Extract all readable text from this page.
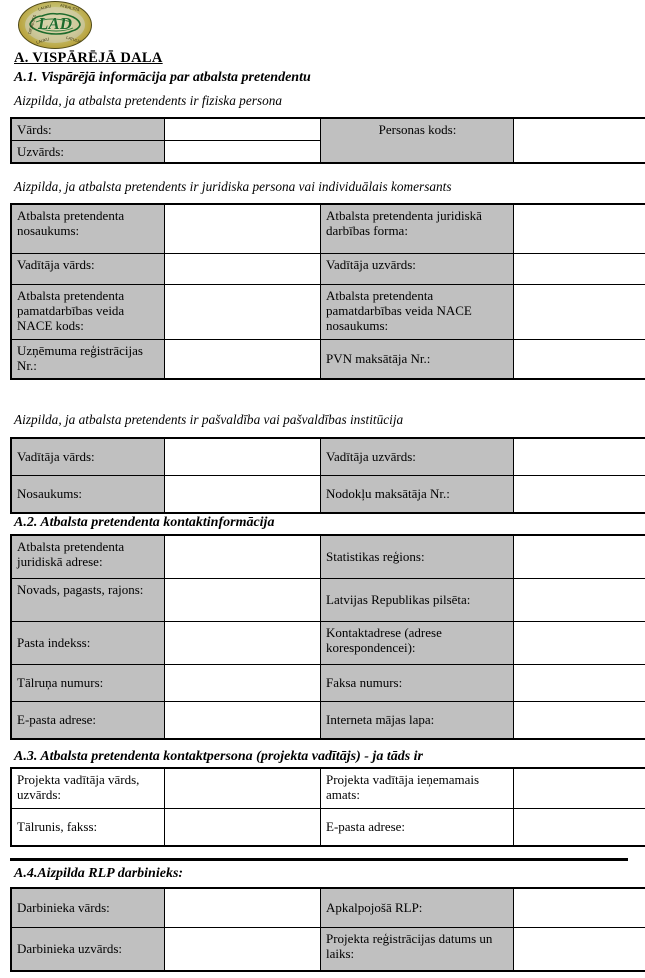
LAUKU ATBALSTA
DIENESTS
LATVIJA
LAUKU
LAD
A. VISPĀRĒJĀ DALA
A.1. Vispārējā informācija par atbalsta pretendentu
Aizpilda, ja atbalsta pretendents ir fiziska persona
Vārds:		Personas kods:	
Uzvārds:			
Aizpilda, ja atbalsta pretendents ir juridiska persona vai individuālais komersants
Atbalsta pretendenta nosaukums:		Atbalsta pretendenta juridiskā darbības forma:	
Vadītāja vārds:		Vadītāja uzvārds:	
Atbalsta pretendenta pamatdarbības veida NACE kods:		Atbalsta pretendenta pamatdarbības veida NACE nosaukums:	
Uzņēmuma reģistrācijas Nr.:		PVN maksātāja Nr.:	
Aizpilda, ja atbalsta pretendents ir pašvaldība vai pašvaldības institūcija
Vadītāja vārds:		Vadītāja uzvārds:	
Nosaukums:		Nodokļu maksātāja Nr.:	
A.2. Atbalsta pretendenta kontaktinformācija
Atbalsta pretendenta juridiskā adrese:		Statistikas reģions:	
Novads, pagasts, rajons:		Latvijas Republikas pilsēta:	
Pasta indekss:		Kontaktadrese (adrese korespondencei):	
Tālruņa numurs:		Faksa numurs:	
E-pasta adrese:		Interneta mājas lapa:	
A.3. Atbalsta pretendenta kontaktpersona (projekta vadītājs) - ja tāds ir
Projekta vadītāja vārds, uzvārds:		Projekta vadītāja ieņemamais amats:	
Tālrunis, fakss:		E-pasta adrese:	
A.4.Aizpilda RLP darbinieks:
Darbinieka vārds:		Apkalpojošā RLP:	
Darbinieka uzvārds:		Projekta reģistrācijas datums un laiks:	
